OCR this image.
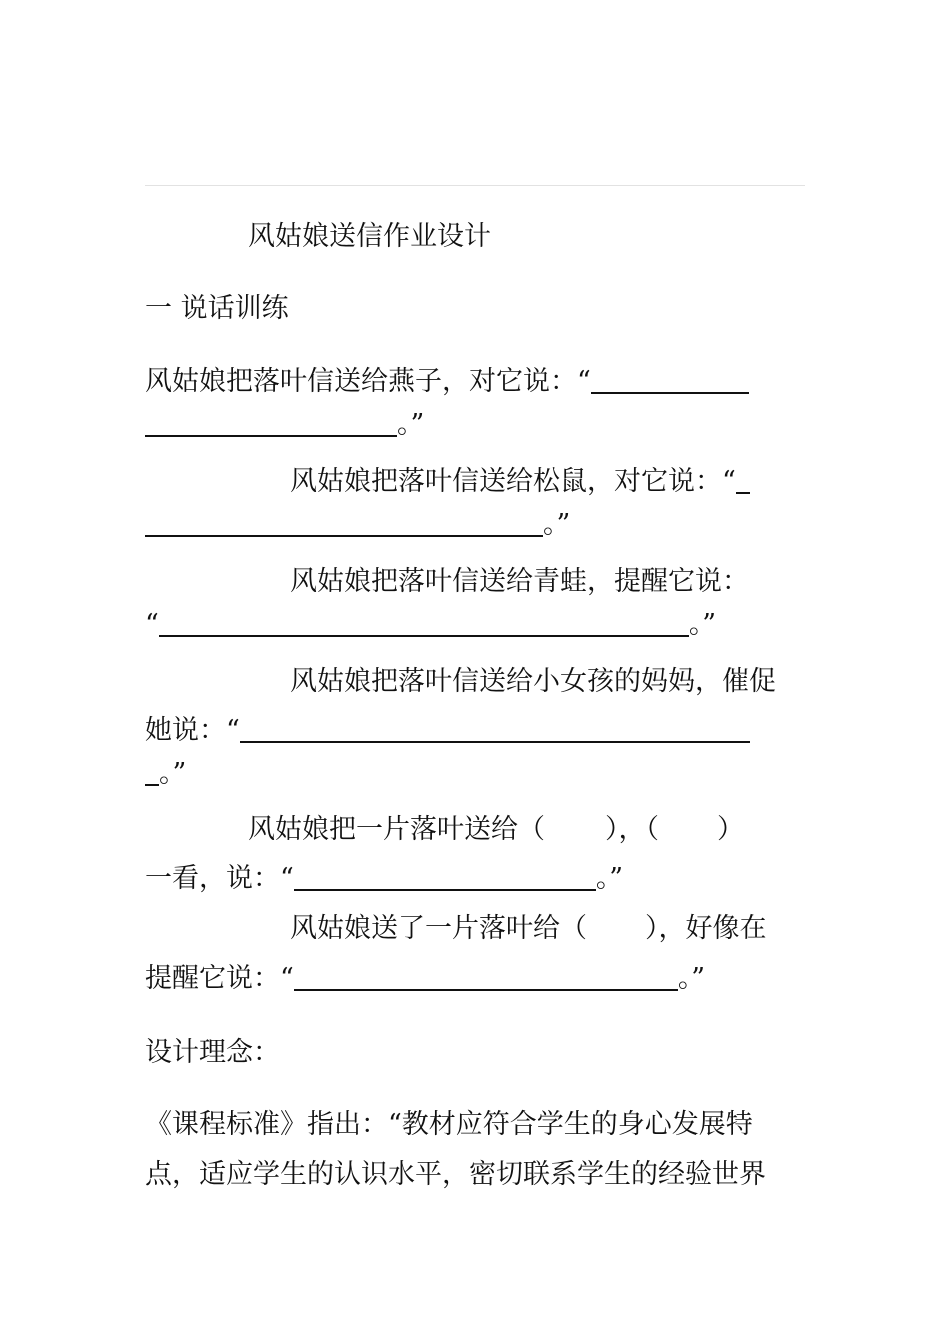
风姑娘送信作业设计
一 说话训练
风姑娘把落叶信送给燕子，对它说：“
。”
风姑娘把落叶信送给松鼠，对它说：“
。”
风姑娘把落叶信送给青蛙，提醒它说：
“	。”
风姑娘把落叶信送给小女孩的妈妈，催促
她说：“
。”
风姑娘把一片落叶送给（ ），（ ）
一看，说：“	。”
风姑娘送了一片落叶给（ ），好像在
提醒它说：“	。”
设计理念：
《课程标准》指出：“教材应符合学生的身心发展特
点，适应学生的认识水平，密切联系学生的经验世界
